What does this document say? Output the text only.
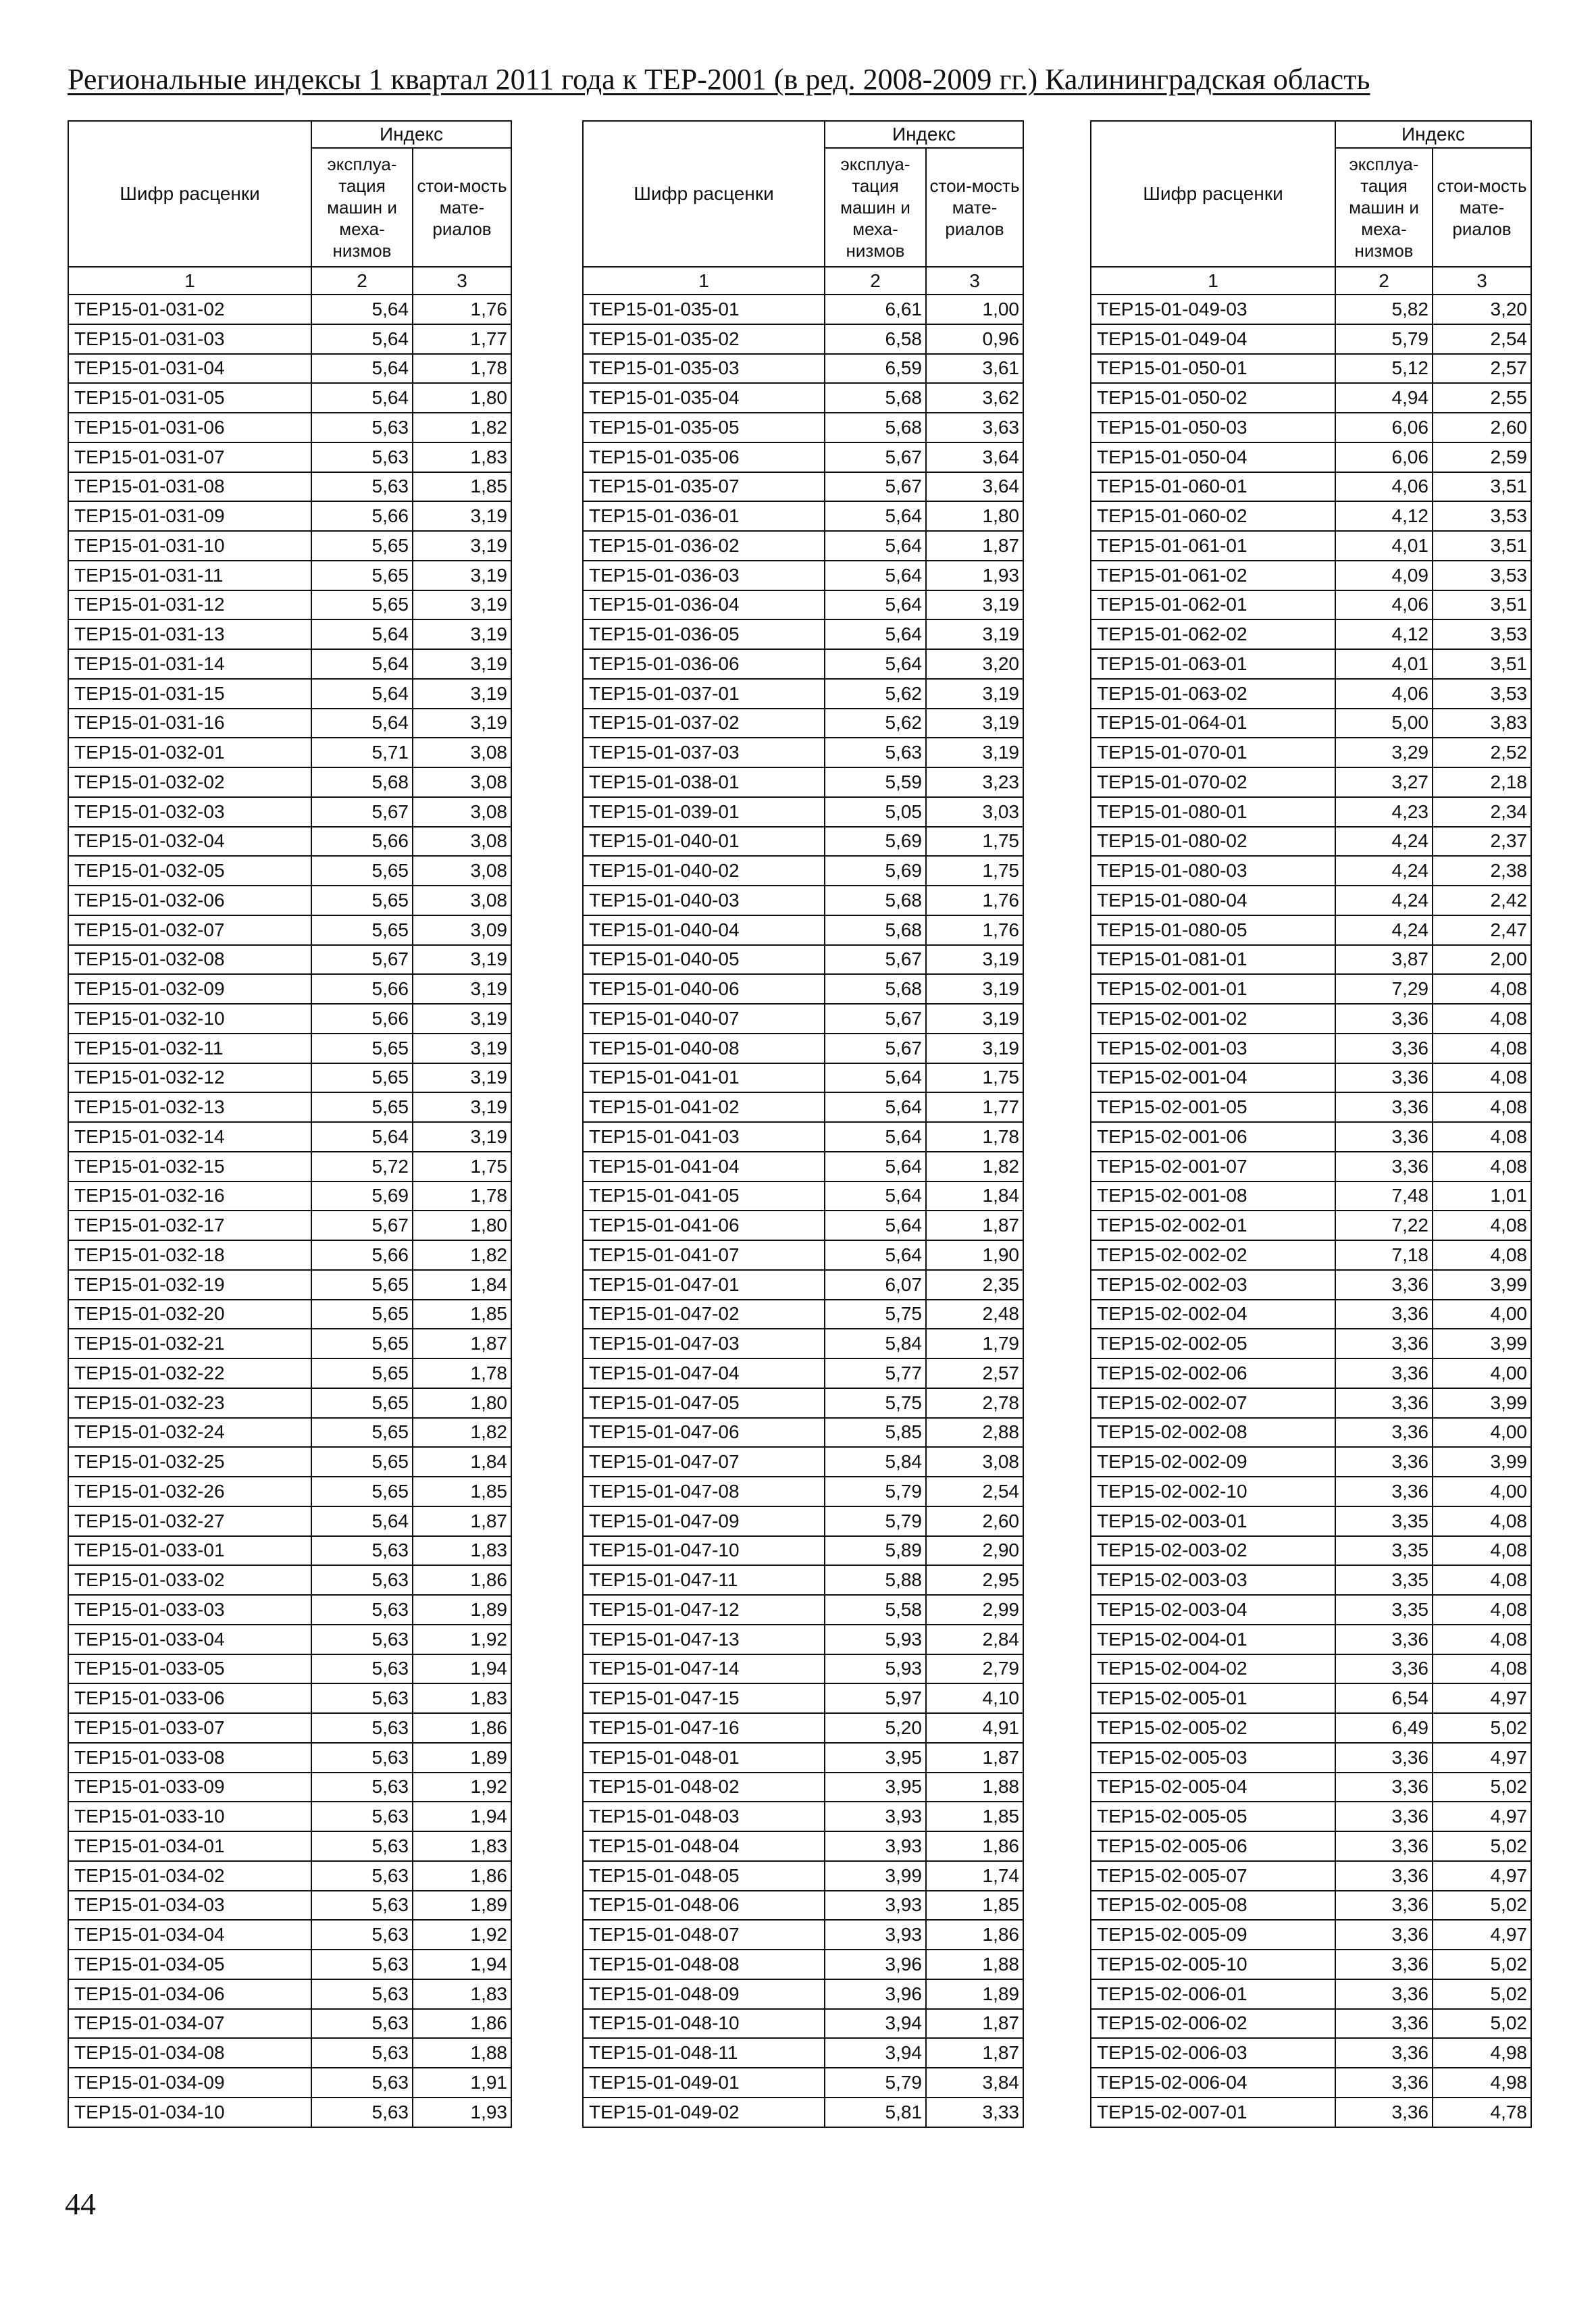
Региональные индексы 1 квартал 2011 года к ТЕР-2001 (в ред. 2008-2009 гг.) Калининградская область
Шифр расценки	Индекс	
	эксплуа-тация машин и меха-низмов	стои-мость мате-риалов
1	2	3
ТЕР15-01-031-02	5,64	1,76
ТЕР15-01-031-03	5,64	1,77
ТЕР15-01-031-04	5,64	1,78
ТЕР15-01-031-05	5,64	1,80
ТЕР15-01-031-06	5,63	1,82
ТЕР15-01-031-07	5,63	1,83
ТЕР15-01-031-08	5,63	1,85
ТЕР15-01-031-09	5,66	3,19
ТЕР15-01-031-10	5,65	3,19
ТЕР15-01-031-11	5,65	3,19
ТЕР15-01-031-12	5,65	3,19
ТЕР15-01-031-13	5,64	3,19
ТЕР15-01-031-14	5,64	3,19
ТЕР15-01-031-15	5,64	3,19
ТЕР15-01-031-16	5,64	3,19
ТЕР15-01-032-01	5,71	3,08
ТЕР15-01-032-02	5,68	3,08
ТЕР15-01-032-03	5,67	3,08
ТЕР15-01-032-04	5,66	3,08
ТЕР15-01-032-05	5,65	3,08
ТЕР15-01-032-06	5,65	3,08
ТЕР15-01-032-07	5,65	3,09
ТЕР15-01-032-08	5,67	3,19
ТЕР15-01-032-09	5,66	3,19
ТЕР15-01-032-10	5,66	3,19
ТЕР15-01-032-11	5,65	3,19
ТЕР15-01-032-12	5,65	3,19
ТЕР15-01-032-13	5,65	3,19
ТЕР15-01-032-14	5,64	3,19
ТЕР15-01-032-15	5,72	1,75
ТЕР15-01-032-16	5,69	1,78
ТЕР15-01-032-17	5,67	1,80
ТЕР15-01-032-18	5,66	1,82
ТЕР15-01-032-19	5,65	1,84
ТЕР15-01-032-20	5,65	1,85
ТЕР15-01-032-21	5,65	1,87
ТЕР15-01-032-22	5,65	1,78
ТЕР15-01-032-23	5,65	1,80
ТЕР15-01-032-24	5,65	1,82
ТЕР15-01-032-25	5,65	1,84
ТЕР15-01-032-26	5,65	1,85
ТЕР15-01-032-27	5,64	1,87
ТЕР15-01-033-01	5,63	1,83
ТЕР15-01-033-02	5,63	1,86
ТЕР15-01-033-03	5,63	1,89
ТЕР15-01-033-04	5,63	1,92
ТЕР15-01-033-05	5,63	1,94
ТЕР15-01-033-06	5,63	1,83
ТЕР15-01-033-07	5,63	1,86
ТЕР15-01-033-08	5,63	1,89
ТЕР15-01-033-09	5,63	1,92
ТЕР15-01-033-10	5,63	1,94
ТЕР15-01-034-01	5,63	1,83
ТЕР15-01-034-02	5,63	1,86
ТЕР15-01-034-03	5,63	1,89
ТЕР15-01-034-04	5,63	1,92
ТЕР15-01-034-05	5,63	1,94
ТЕР15-01-034-06	5,63	1,83
ТЕР15-01-034-07	5,63	1,86
ТЕР15-01-034-08	5,63	1,88
ТЕР15-01-034-09	5,63	1,91
ТЕР15-01-034-10	5,63	1,93
Шифр расценки	Индекс	
	эксплуа-тация машин и меха-низмов	стои-мость мате-риалов
1	2	3
ТЕР15-01-035-01	6,61	1,00
ТЕР15-01-035-02	6,58	0,96
ТЕР15-01-035-03	6,59	3,61
ТЕР15-01-035-04	5,68	3,62
ТЕР15-01-035-05	5,68	3,63
ТЕР15-01-035-06	5,67	3,64
ТЕР15-01-035-07	5,67	3,64
ТЕР15-01-036-01	5,64	1,80
ТЕР15-01-036-02	5,64	1,87
ТЕР15-01-036-03	5,64	1,93
ТЕР15-01-036-04	5,64	3,19
ТЕР15-01-036-05	5,64	3,19
ТЕР15-01-036-06	5,64	3,20
ТЕР15-01-037-01	5,62	3,19
ТЕР15-01-037-02	5,62	3,19
ТЕР15-01-037-03	5,63	3,19
ТЕР15-01-038-01	5,59	3,23
ТЕР15-01-039-01	5,05	3,03
ТЕР15-01-040-01	5,69	1,75
ТЕР15-01-040-02	5,69	1,75
ТЕР15-01-040-03	5,68	1,76
ТЕР15-01-040-04	5,68	1,76
ТЕР15-01-040-05	5,67	3,19
ТЕР15-01-040-06	5,68	3,19
ТЕР15-01-040-07	5,67	3,19
ТЕР15-01-040-08	5,67	3,19
ТЕР15-01-041-01	5,64	1,75
ТЕР15-01-041-02	5,64	1,77
ТЕР15-01-041-03	5,64	1,78
ТЕР15-01-041-04	5,64	1,82
ТЕР15-01-041-05	5,64	1,84
ТЕР15-01-041-06	5,64	1,87
ТЕР15-01-041-07	5,64	1,90
ТЕР15-01-047-01	6,07	2,35
ТЕР15-01-047-02	5,75	2,48
ТЕР15-01-047-03	5,84	1,79
ТЕР15-01-047-04	5,77	2,57
ТЕР15-01-047-05	5,75	2,78
ТЕР15-01-047-06	5,85	2,88
ТЕР15-01-047-07	5,84	3,08
ТЕР15-01-047-08	5,79	2,54
ТЕР15-01-047-09	5,79	2,60
ТЕР15-01-047-10	5,89	2,90
ТЕР15-01-047-11	5,88	2,95
ТЕР15-01-047-12	5,58	2,99
ТЕР15-01-047-13	5,93	2,84
ТЕР15-01-047-14	5,93	2,79
ТЕР15-01-047-15	5,97	4,10
ТЕР15-01-047-16	5,20	4,91
ТЕР15-01-048-01	3,95	1,87
ТЕР15-01-048-02	3,95	1,88
ТЕР15-01-048-03	3,93	1,85
ТЕР15-01-048-04	3,93	1,86
ТЕР15-01-048-05	3,99	1,74
ТЕР15-01-048-06	3,93	1,85
ТЕР15-01-048-07	3,93	1,86
ТЕР15-01-048-08	3,96	1,88
ТЕР15-01-048-09	3,96	1,89
ТЕР15-01-048-10	3,94	1,87
ТЕР15-01-048-11	3,94	1,87
ТЕР15-01-049-01	5,79	3,84
ТЕР15-01-049-02	5,81	3,33
Шифр расценки	Индекс	
	эксплуа-тация машин и меха-низмов	стои-мость мате-риалов
1	2	3
ТЕР15-01-049-03	5,82	3,20
ТЕР15-01-049-04	5,79	2,54
ТЕР15-01-050-01	5,12	2,57
ТЕР15-01-050-02	4,94	2,55
ТЕР15-01-050-03	6,06	2,60
ТЕР15-01-050-04	6,06	2,59
ТЕР15-01-060-01	4,06	3,51
ТЕР15-01-060-02	4,12	3,53
ТЕР15-01-061-01	4,01	3,51
ТЕР15-01-061-02	4,09	3,53
ТЕР15-01-062-01	4,06	3,51
ТЕР15-01-062-02	4,12	3,53
ТЕР15-01-063-01	4,01	3,51
ТЕР15-01-063-02	4,06	3,53
ТЕР15-01-064-01	5,00	3,83
ТЕР15-01-070-01	3,29	2,52
ТЕР15-01-070-02	3,27	2,18
ТЕР15-01-080-01	4,23	2,34
ТЕР15-01-080-02	4,24	2,37
ТЕР15-01-080-03	4,24	2,38
ТЕР15-01-080-04	4,24	2,42
ТЕР15-01-080-05	4,24	2,47
ТЕР15-01-081-01	3,87	2,00
ТЕР15-02-001-01	7,29	4,08
ТЕР15-02-001-02	3,36	4,08
ТЕР15-02-001-03	3,36	4,08
ТЕР15-02-001-04	3,36	4,08
ТЕР15-02-001-05	3,36	4,08
ТЕР15-02-001-06	3,36	4,08
ТЕР15-02-001-07	3,36	4,08
ТЕР15-02-001-08	7,48	1,01
ТЕР15-02-002-01	7,22	4,08
ТЕР15-02-002-02	7,18	4,08
ТЕР15-02-002-03	3,36	3,99
ТЕР15-02-002-04	3,36	4,00
ТЕР15-02-002-05	3,36	3,99
ТЕР15-02-002-06	3,36	4,00
ТЕР15-02-002-07	3,36	3,99
ТЕР15-02-002-08	3,36	4,00
ТЕР15-02-002-09	3,36	3,99
ТЕР15-02-002-10	3,36	4,00
ТЕР15-02-003-01	3,35	4,08
ТЕР15-02-003-02	3,35	4,08
ТЕР15-02-003-03	3,35	4,08
ТЕР15-02-003-04	3,35	4,08
ТЕР15-02-004-01	3,36	4,08
ТЕР15-02-004-02	3,36	4,08
ТЕР15-02-005-01	6,54	4,97
ТЕР15-02-005-02	6,49	5,02
ТЕР15-02-005-03	3,36	4,97
ТЕР15-02-005-04	3,36	5,02
ТЕР15-02-005-05	3,36	4,97
ТЕР15-02-005-06	3,36	5,02
ТЕР15-02-005-07	3,36	4,97
ТЕР15-02-005-08	3,36	5,02
ТЕР15-02-005-09	3,36	4,97
ТЕР15-02-005-10	3,36	5,02
ТЕР15-02-006-01	3,36	5,02
ТЕР15-02-006-02	3,36	5,02
ТЕР15-02-006-03	3,36	4,98
ТЕР15-02-006-04	3,36	4,98
ТЕР15-02-007-01	3,36	4,78
44
